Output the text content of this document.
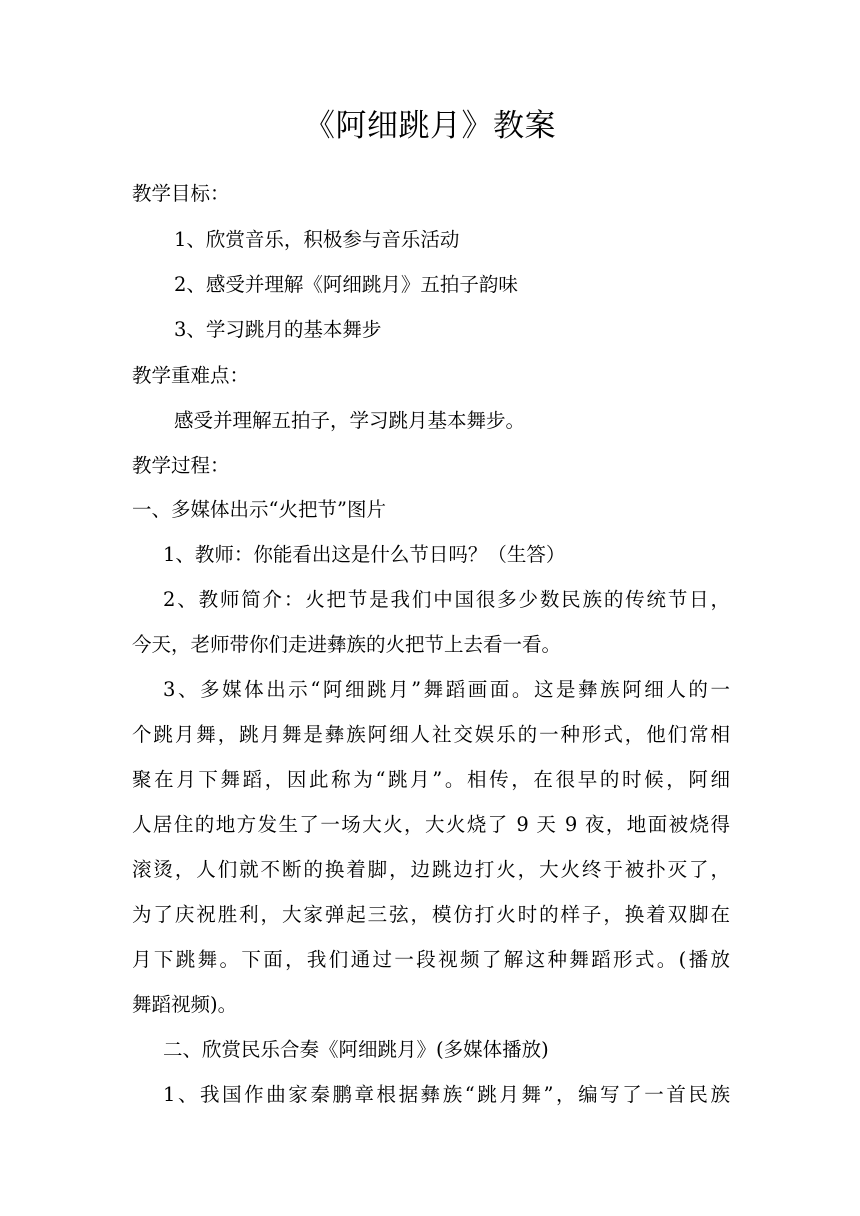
《阿细跳月》教案
教学目标：
1、欣赏音乐，积极参与音乐活动
2、感受并理解《阿细跳月》五拍子韵味
3、学习跳月的基本舞步
教学重难点：
感受并理解五拍子，学习跳月基本舞步。
教学过程：
一、多媒体出示“火把节”图片
1、教师：你能看出这是什么节日吗？（生答）
2、教师简介：火把节是我们中国很多少数民族的传统节日，
今天，老师带你们走进彝族的火把节上去看一看。
3、多媒体出示“阿细跳月”舞蹈画面。这是彝族阿细人的一
个跳月舞，跳月舞是彝族阿细人社交娱乐的一种形式，他们常相
聚在月下舞蹈，因此称为“跳月”。相传，在很早的时候，阿细
人居住的地方发生了一场大火，大火烧了 9 天 9 夜，地面被烧得
滚烫，人们就不断的换着脚，边跳边打火，大火终于被扑灭了，
为了庆祝胜利，大家弹起三弦，模仿打火时的样子，换着双脚在
月下跳舞。下面，我们通过一段视频了解这种舞蹈形式。(播放
舞蹈视频)。
二、欣赏民乐合奏《阿细跳月》(多媒体播放)
1、我国作曲家秦鹏章根据彝族“跳月舞”，编写了一首民族
